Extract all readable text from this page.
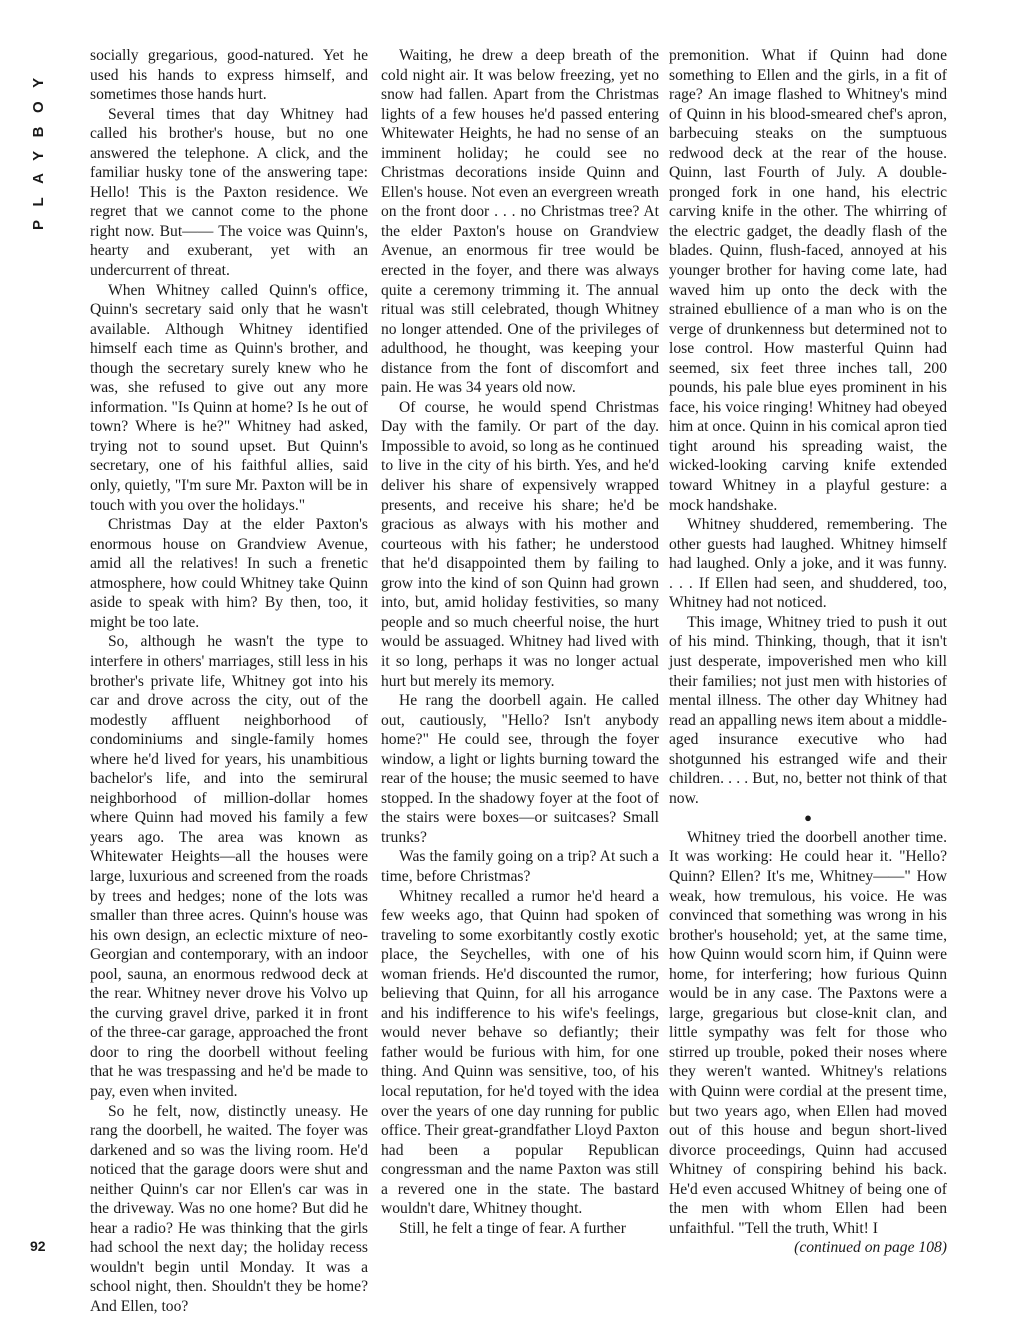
PLAYBOY

socially gregarious, good-natured. Yet he used his hands to express himself, and sometimes those hands hurt.

Several times that day Whitney had called his brother's house, but no one answered the telephone. A click, and the familiar husky tone of the answering tape: Hello! This is the Paxton residence. We regret that we cannot come to the phone right now. But—— The voice was Quinn's, hearty and exuberant, yet with an undercurrent of threat.

When Whitney called Quinn's office, Quinn's secretary said only that he wasn't available. Although Whitney identified himself each time as Quinn's brother, and though the secretary surely knew who he was, she refused to give out any more information. "Is Quinn at home? Is he out of town? Where is he?" Whitney had asked, trying not to sound upset. But Quinn's secretary, one of his faithful allies, said only, quietly, "I'm sure Mr. Paxton will be in touch with you over the holidays."

Christmas Day at the elder Paxton's enormous house on Grandview Avenue, amid all the relatives! In such a frenetic atmosphere, how could Whitney take Quinn aside to speak with him? By then, too, it might be too late.

So, although he wasn't the type to interfere in others' marriages, still less in his brother's private life, Whitney got into his car and drove across the city, out of the modestly affluent neighborhood of condominiums and single-family homes where he'd lived for years, his unambitious bachelor's life, and into the semirural neighborhood of million-dollar homes where Quinn had moved his family a few years ago. The area was known as Whitewater Heights—all the houses were large, luxurious and screened from the roads by trees and hedges; none of the lots was smaller than three acres. Quinn's house was his own design, an eclectic mixture of neo-Georgian and contemporary, with an indoor pool, sauna, an enormous redwood deck at the rear. Whitney never drove his Volvo up the curving gravel drive, parked it in front of the three-car garage, approached the front door to ring the doorbell without feeling that he was trespassing and he'd be made to pay, even when invited.

So he felt, now, distinctly uneasy. He rang the doorbell, he waited. The foyer was darkened and so was the living room. He'd noticed that the garage doors were shut and neither Quinn's car nor Ellen's car was in the driveway. Was no one home? But did he hear a radio? He was thinking that the girls had school the next day; the holiday recess wouldn't begin until Monday. It was a school night, then. Shouldn't they be home? And Ellen, too?

Waiting, he drew a deep breath of the cold night air. It was below freezing, yet no snow had fallen. Apart from the Christmas lights of a few houses he'd passed entering Whitewater Heights, he had no sense of an imminent holiday; he could see no Christmas decorations inside Quinn and Ellen's house. Not even an evergreen wreath on the front door . . . no Christmas tree? At the elder Paxton's house on Grandview Avenue, an enormous fir tree would be erected in the foyer, and there was always quite a ceremony trimming it. The annual ritual was still celebrated, though Whitney no longer attended. One of the privileges of adulthood, he thought, was keeping your distance from the font of discomfort and pain. He was 34 years old now.

Of course, he would spend Christmas Day with the family. Or part of the day. Impossible to avoid, so long as he continued to live in the city of his birth. Yes, and he'd deliver his share of expensively wrapped presents, and receive his share; he'd be gracious as always with his mother and courteous with his father; he understood that he'd disappointed them by failing to grow into the kind of son Quinn had grown into, but, amid holiday festivities, so many people and so much cheerful noise, the hurt would be assuaged. Whitney had lived with it so long, perhaps it was no longer actual hurt but merely its memory.

He rang the doorbell again. He called out, cautiously, "Hello? Isn't anybody home?" He could see, through the foyer window, a light or lights burning toward the rear of the house; the music seemed to have stopped. In the shadowy foyer at the foot of the stairs were boxes—or suitcases? Small trunks?

Was the family going on a trip? At such a time, before Christmas?

Whitney recalled a rumor he'd heard a few weeks ago, that Quinn had spoken of traveling to some exorbitantly costly exotic place, the Seychelles, with one of his woman friends. He'd discounted the rumor, believing that Quinn, for all his arrogance and his indifference to his wife's feelings, would never behave so defiantly; their father would be furious with him, for one thing. And Quinn was sensitive, too, of his local reputation, for he'd toyed with the idea over the years of one day running for public office. Their great-grandfather Lloyd Paxton had been a popular Republican congressman and the name Paxton was still a revered one in the state. The bastard wouldn't dare, Whitney thought.

Still, he felt a tinge of fear. A further

premonition. What if Quinn had done something to Ellen and the girls, in a fit of rage? An image flashed to Whitney's mind of Quinn in his blood-smeared chef's apron, barbecuing steaks on the sumptuous redwood deck at the rear of the house. Quinn, last Fourth of July. A double-pronged fork in one hand, his electric carving knife in the other. The whirring of the electric gadget, the deadly flash of the blades. Quinn, flush-faced, annoyed at his younger brother for having come late, had waved him up onto the deck with the strained ebullience of a man who is on the verge of drunkenness but determined not to lose control. How masterful Quinn had seemed, six feet three inches tall, 200 pounds, his pale blue eyes prominent in his face, his voice ringing! Whitney had obeyed him at once. Quinn in his comical apron tied tight around his spreading waist, the wicked-looking carving knife extended toward Whitney in a playful gesture: a mock handshake.

Whitney shuddered, remembering. The other guests had laughed. Whitney himself had laughed. Only a joke, and it was funny. . . . If Ellen had seen, and shuddered, too, Whitney had not noticed.

This image, Whitney tried to push it out of his mind. Thinking, though, that it isn't just desperate, impoverished men who kill their families; not just men with histories of mental illness. The other day Whitney had read an appalling news item about a middle-aged insurance executive who had shotgunned his estranged wife and their children. . . . But, no, better not think of that now.

●

Whitney tried the doorbell another time. It was working: He could hear it. "Hello? Quinn? Ellen? It's me, Whitney——" How weak, how tremulous, his voice. He was convinced that something was wrong in his brother's household; yet, at the same time, how Quinn would scorn him, if Quinn were home, for interfering; how furious Quinn would be in any case. The Paxtons were a large, gregarious but close-knit clan, and little sympathy was felt for those who stirred up trouble, poked their noses where they weren't wanted. Whitney's relations with Quinn were cordial at the present time, but two years ago, when Ellen had moved out of this house and begun short-lived divorce proceedings, Quinn had accused Whitney of conspiring behind his back. He'd even accused Whitney of being one of the men with whom Ellen had been unfaithful. "Tell the truth, Whit! I

(continued on page 108)

92
